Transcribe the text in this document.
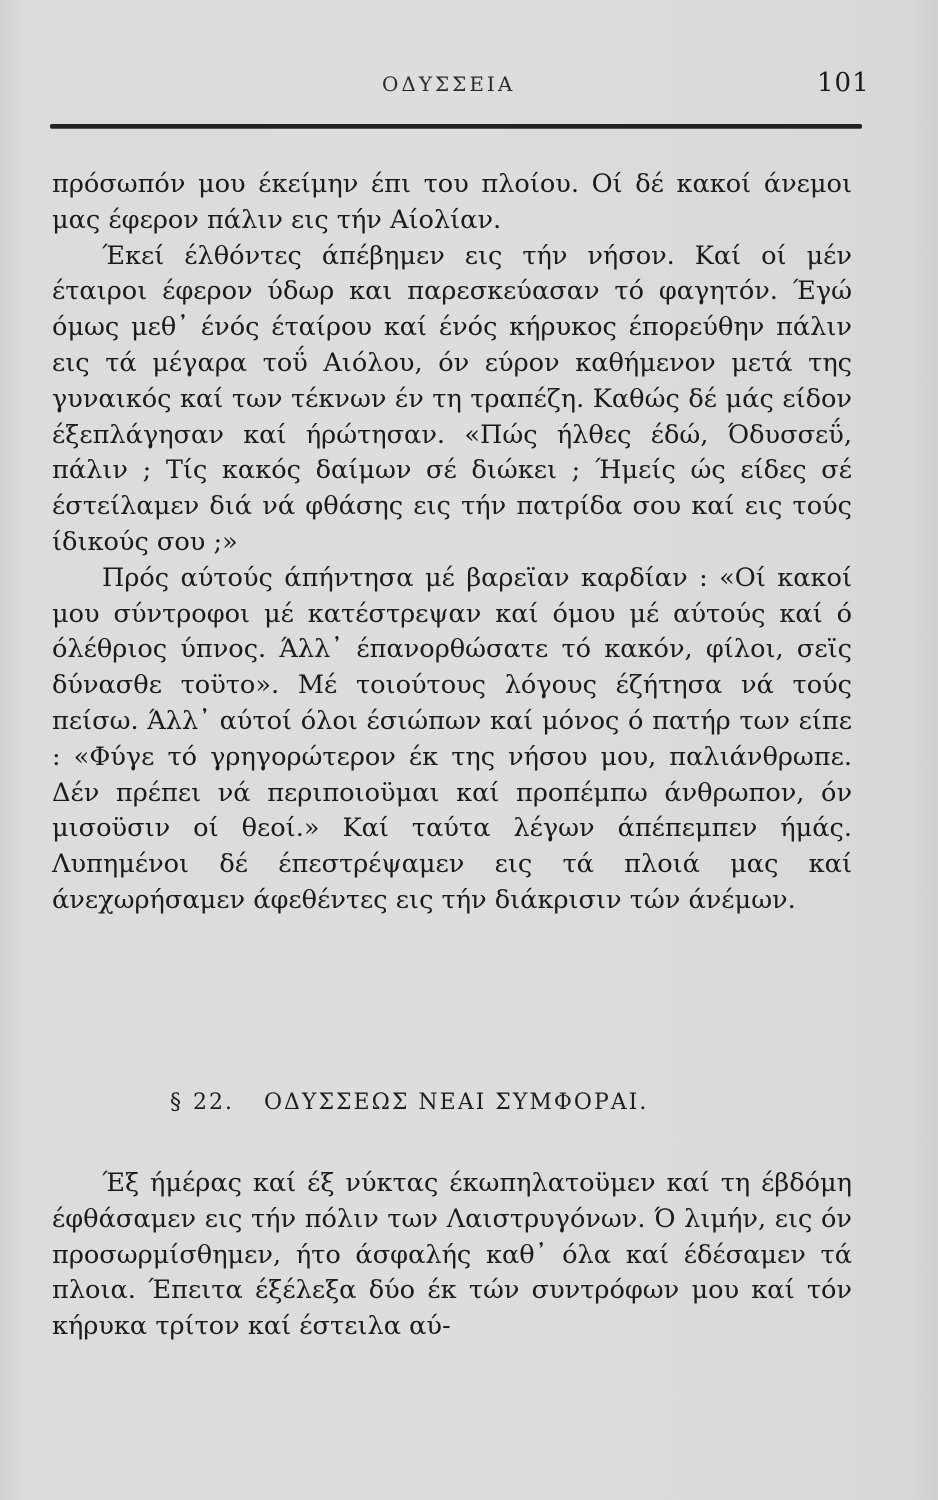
ΟΔΥΣΣΕΙΑ	101

πρόσωπόν μου έκείμην έπι του πλοίου. Οί δέ κακοί άνεμοι μας έφερον πάλιν εις τήν Αίολίαν.

Έκεί έλθόντες άπέβημεν εις τήν νήσον. Καί οί μέν έταιροι έφερον ύδωρ και παρεσκεύασαν τό φαγητόν. Έγώ όμως μεθ᾽ ένός έταίρου καί ένός κήρυκος έπορεύθην πάλιν εις τά μέγαρα τοΰ Αιόλου, όν εύρον καθήμενον μετά της γυναικός καί των τέκνων έν τη τραπέζη. Καθώς δέ μάς είδον έξεπλάγησαν καί ήρώτησαν. «Πώς ήλθες έδώ, Όδυσσεΰ, πάλιν ; Τίς κακός δαίμων σέ διώκει ; Ήμείς ώς είδες σέ έστείλαμεν διά νά φθάσης εις τήν πατρίδα σου καί εις τούς ίδικούς σου ;»

Πρός αύτούς άπήντησα μέ βαρεϊαν καρδίαν : «Οί κακοί μου σύντροφοι μέ κατέστρεψαν καί όμου μέ αύτούς καί ό όλέθριος ύπνος. Άλλ᾽ έπανορθώσατε τό κακόν, φίλοι, σεϊς δύνασθε τοϋτο». Μέ τοιούτους λόγους έζήτησα νά τούς πείσω. Άλλ᾽ αύτοί όλοι έσιώπων καί μόνος ό πατήρ των είπε : «Φύγε τό γρηγορώτερον έκ της νήσου μου, παλιάνθρωπε. Δέν πρέπει νά περιποιοϋμαι καί προπέμπω άνθρωπον, όν μισοϋσιν οί θεοί.» Καί ταύτα λέγων άπέπεμπεν ήμάς. Λυπημένοι δέ έπεστρέψαμεν εις τά πλοιά μας καί άνεχωρήσαμεν άφεθέντες εις τήν διάκρισιν τών άνέμων.

§ 22. ΟΔΥΣΣΕΩΣ ΝΕΑΙ ΣΥΜΦΟΡΑΙ.

Έξ ήμέρας καί έξ νύκτας έκωπηλατοϋμεν καί τη έβδόμη έφθάσαμεν εις τήν πόλιν των Λαιστρυγόνων. Ό λιμήν, εις όν προσωρμίσθημεν, ήτο άσφαλής καθ᾽ όλα καί έδέσαμεν τά πλοια. Έπειτα έξέλεξα δύο έκ τών συντρόφων μου καί τόν κήρυκα τρίτον καί έστειλα αύ-
